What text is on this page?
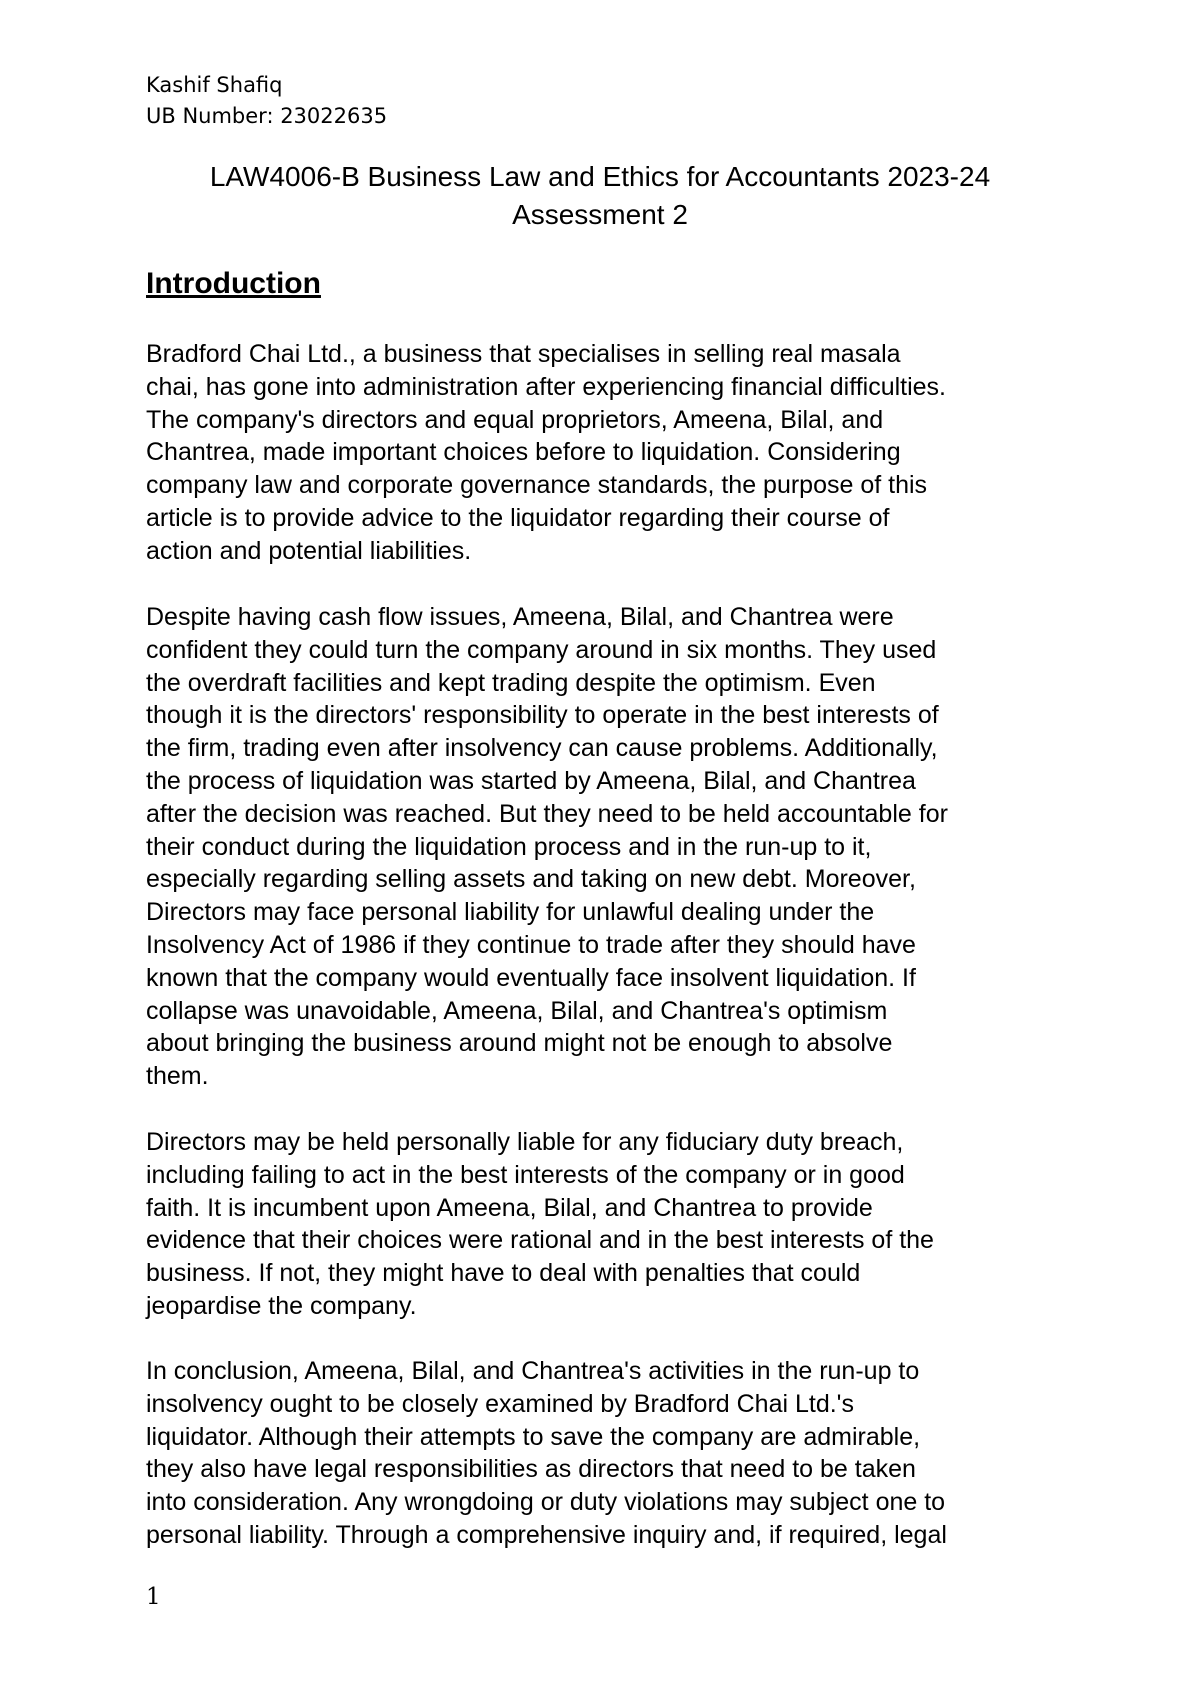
Kashif Shafiq
UB Number: 23022635
LAW4006-B Business Law and Ethics for Accountants 2023-24
Assessment 2
Introduction
Bradford Chai Ltd., a business that specialises in selling real masala
chai, has gone into administration after experiencing financial difficulties.
The company's directors and equal proprietors, Ameena, Bilal, and
Chantrea, made important choices before to liquidation. Considering
company law and corporate governance standards, the purpose of this
article is to provide advice to the liquidator regarding their course of
action and potential liabilities.
Despite having cash flow issues, Ameena, Bilal, and Chantrea were
confident they could turn the company around in six months. They used
the overdraft facilities and kept trading despite the optimism. Even
though it is the directors' responsibility to operate in the best interests of
the firm, trading even after insolvency can cause problems. Additionally,
the process of liquidation was started by Ameena, Bilal, and Chantrea
after the decision was reached. But they need to be held accountable for
their conduct during the liquidation process and in the run-up to it,
especially regarding selling assets and taking on new debt. Moreover,
Directors may face personal liability for unlawful dealing under the
Insolvency Act of 1986 if they continue to trade after they should have
known that the company would eventually face insolvent liquidation. If
collapse was unavoidable, Ameena, Bilal, and Chantrea's optimism
about bringing the business around might not be enough to absolve
them.
Directors may be held personally liable for any fiduciary duty breach,
including failing to act in the best interests of the company or in good
faith. It is incumbent upon Ameena, Bilal, and Chantrea to provide
evidence that their choices were rational and in the best interests of the
business. If not, they might have to deal with penalties that could
jeopardise the company.
In conclusion, Ameena, Bilal, and Chantrea's activities in the run-up to
insolvency ought to be closely examined by Bradford Chai Ltd.'s
liquidator. Although their attempts to save the company are admirable,
they also have legal responsibilities as directors that need to be taken
into consideration. Any wrongdoing or duty violations may subject one to
personal liability. Through a comprehensive inquiry and, if required, legal
1
